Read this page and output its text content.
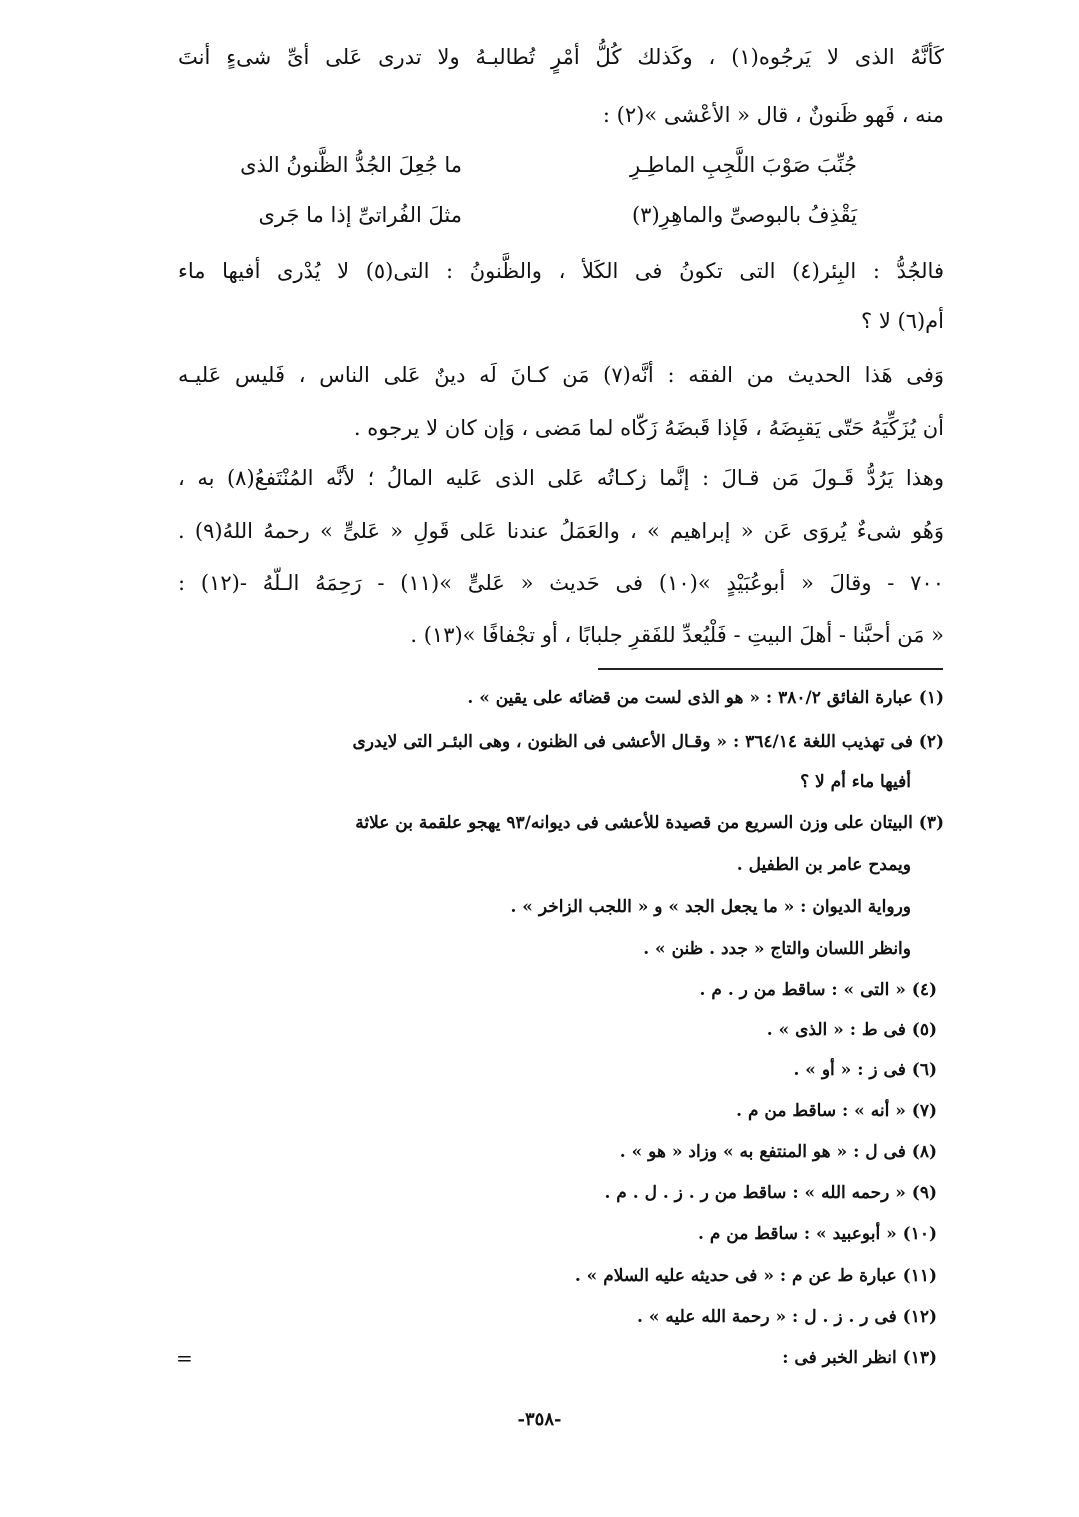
كَأنَّهُ الذى لا يَرجُوه(١) ، وكَذلك كُلُّ أمْرٍ تُطالبـهُ ولا تدرى عَلى أىِّ شىءٍ أنتَ
منه ، فَهو ظَنونٌ ، قال « الأعْشى »(٢) :
ما جُعِلَ الجُدُّ الظَّنونُ الذى	جُنِّبَ صَوْبَ اللَّجِبِ الماطِـرِ
مثلَ الفُراتىِّ إذا ما جَرى	يَقْذِفُ بالبوصىِّ والماهِرِ(٣)
فالجُدُّ : البِئر(٤) التى تكونُ فى الكَلأ ، والظَّنونُ : التى(٥) لا يُدْرى أفيها ماء
أم(٦) لا ؟
وَفى هَذا الحديث من الفقه : أنَّه(٧) مَن كـانَ لَه دينٌ عَلى الناس ، فَليس عَليـه
أن يُزَكِّيَهُ حَتّى يَقبِضَهُ ، فَإذا قَبضَهُ زَكّاه لما مَضى ، وَإن كان لا يرجوه .
وهذا يَرُدُّ قَـولَ مَن قـالَ : إنَّما زكـاتُه عَلى الذى عَليه المالُ ؛ لأنَّه المُنْتَفعُ(٨) به ،
وَهُو شىءٌ يُروَى عَن « إبراهيم » ، والعَمَلُ عندنا عَلى قَولِ « عَلىٍّ » رحمهُ اللهُ(٩) .
٧٠٠ - وقالَ « أبوعُبَيْدٍ »(١٠) فى حَديث « عَلىٍّ »(١١) - رَحِمَهُ الـلّهُ -(١٢) :
« مَن أحبَّنا - أهلَ البيتِ - فَلْيُعدِّ للفَقرِ جلبابًا ، أو تجْفافًا »(١٣) .
(١) عبارة الفائق ٣٨٠/٢ : « هو الذى لست من قضائه على يقين » .
(٢) فى تهذيب اللغة ٣٦٤/١٤ : « وقـال الأعشى فى الظنون ، وهى البئـر التى لايدرى
أفيها ماء أم لا ؟
(٣) البيتان على وزن السريع من قصيدة للأعشى فى ديوانه/٩٣ يهجو علقمة بن علاثة
ويمدح عامر بن الطفيل .
ورواية الديوان : « ما يجعل الجد » و « اللجب الزاخر » .
وانظر اللسان والتاج « جدد . ظنن » .
(٤) « التى » : ساقط من ر . م .
(٥) فى ط : « الذى » .
(٦) فى ز : « أو » .
(٧) « أنه » : ساقط من م .
(٨) فى ل : « هو المنتفع به » وزاد « هو » .
(٩) « رحمه الله » : ساقط من ر . ز . ل . م .
(١٠) « أبوعبيد » : ساقط من م .
(١١) عبارة ط عن م : « فى حديثه عليه السلام » .
(١٢) فى ر . ز . ل : « رحمة الله عليه » .
(١٣) انظر الخبر فى :
=
-٣٥٨-
